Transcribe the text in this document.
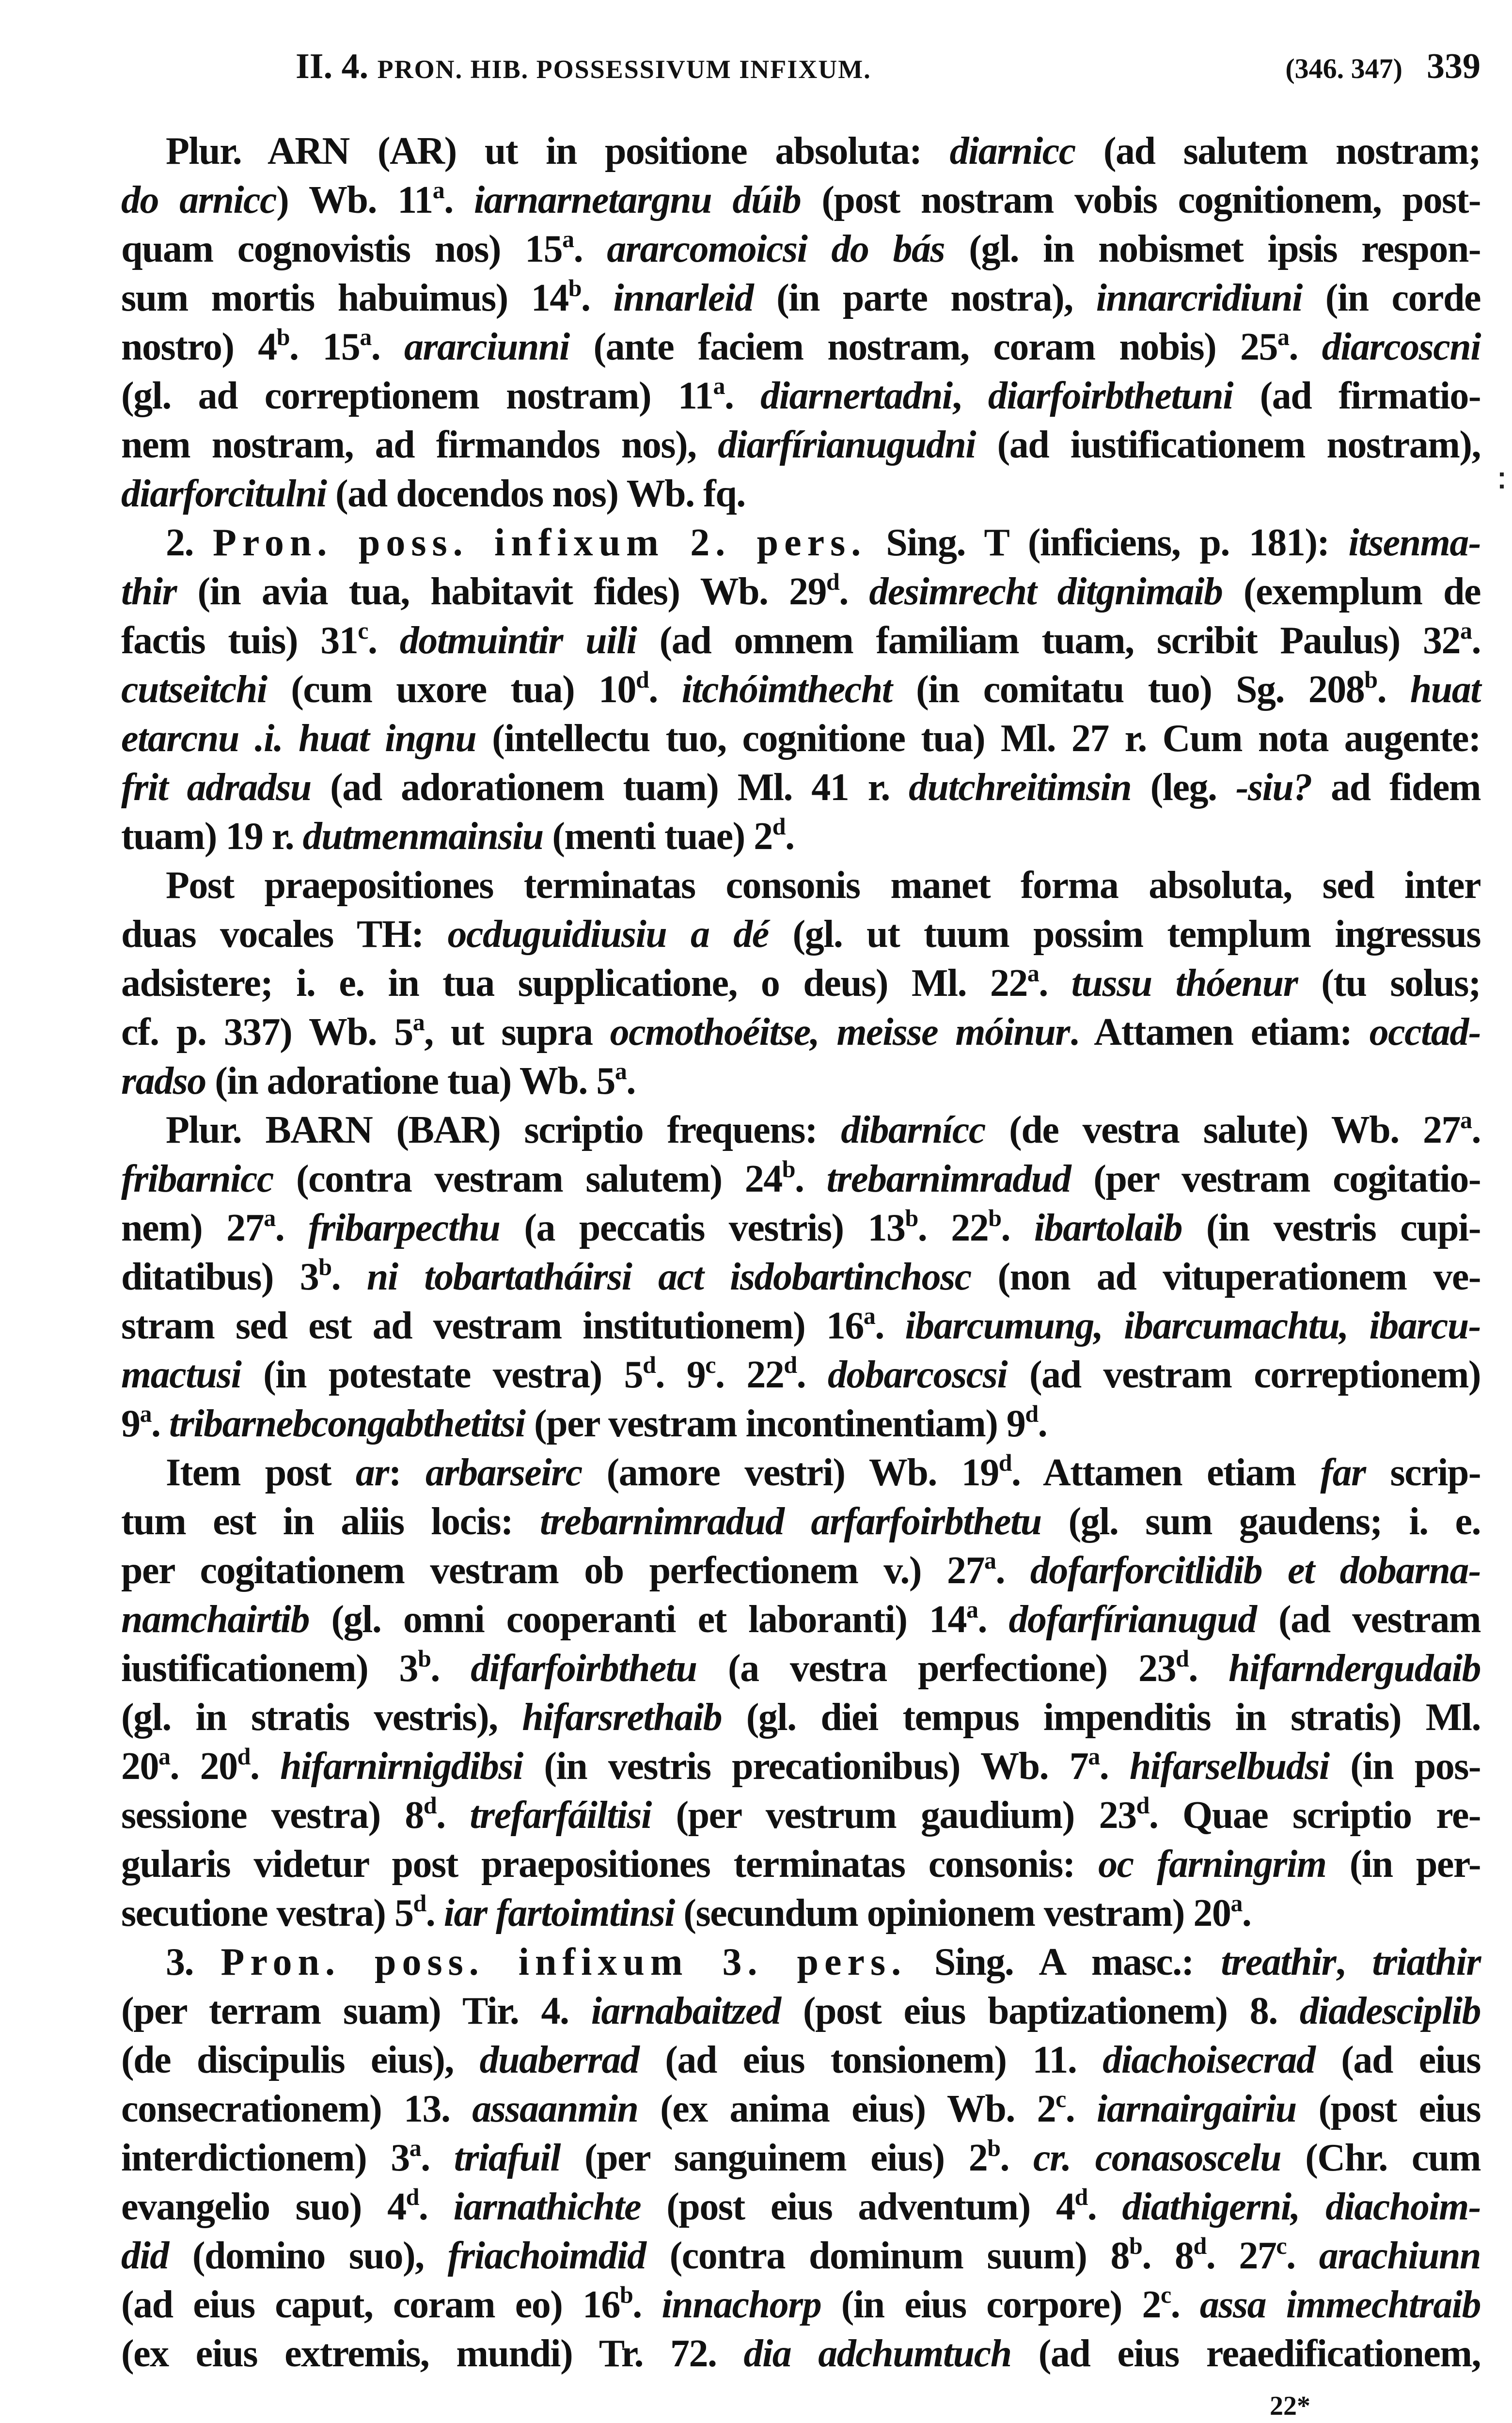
II. 4. PRON. HIB. POSSESSIVUM INFIXUM.	(346. 347) 339
Plur. ARN (AR) ut in positione absoluta: diarnicc (ad salutem nostram;
do arnicc) Wb. 11$^a$. iarnarnetargnu dúib (post nostram vobis cognitionem, post-
quam cognovistis nos) 15$^a$. ararcomoicsi do bás (gl. in nobismet ipsis respon-
sum mortis habuimus) 14$^b$. innarleid (in parte nostra), innarcridiuni (in corde
nostro) 4$^b$. 15$^a$. ararciunni (ante faciem nostram, coram nobis) 25$^a$. diarcoscni
(gl. ad correptionem nostram) 11$^a$. diarnertadni, diarfoirbthetuni (ad firmatio-
nem nostram, ad firmandos nos), diarfírianugudni (ad iustificationem nostram),
diarforcitulni (ad docendos nos) Wb. fq.
2. Pron. poss. infixum 2. pers. Sing. T (inficiens, p. 181): itsenma-
thir (in avia tua, habitavit fides) Wb. 29$^d$. desimrecht ditgnimaib (exemplum de
factis tuis) 31$^c$. dotmuintir uili (ad omnem familiam tuam, scribit Paulus) 32$^a$.
cutseitchi (cum uxore tua) 10$^d$. itchóimthecht (in comitatu tuo) Sg. 208$^b$. huat
etarcnu .i. huat ingnu (intellectu tuo, cognitione tua) Ml. 27 r. Cum nota augente:
frit adradsu (ad adorationem tuam) Ml. 41 r. dutchreitimsin (leg. -siu? ad fidem
tuam) 19 r. dutmenmainsiu (menti tuae) 2$^d$.
Post praepositiones terminatas consonis manet forma absoluta, sed inter
duas vocales TH: ocduguidiusiu a dé (gl. ut tuum possim templum ingressus
adsistere; i. e. in tua supplicatione, o deus) Ml. 22$^a$. tussu thóenur (tu solus;
cf. p. 337) Wb. 5$^a$, ut supra ocmothoéitse, meisse móinur. Attamen etiam: occtad-
radso (in adoratione tua) Wb. 5$^a$.
Plur. BARN (BAR) scriptio frequens: dibarnícc (de vestra salute) Wb. 27$^a$.
fribarnicc (contra vestram salutem) 24$^b$. trebarnimradud (per vestram cogitatio-
nem) 27$^a$. fribarpecthu (a peccatis vestris) 13$^b$. 22$^b$. ibartolaib (in vestris cupi-
ditatibus) 3$^b$. ni tobartatháirsi act isdobartinchosc (non ad vituperationem ve-
stram sed est ad vestram institutionem) 16$^a$. ibarcumung, ibarcumachtu, ibarcu-
mactusi (in potestate vestra) 5$^d$. 9$^c$. 22$^d$. dobarcoscsi (ad vestram correptionem)
9$^a$. tribarnebcongabthetitsi (per vestram incontinentiam) 9$^d$.
Item post ar: arbarseirc (amore vestri) Wb. 19$^d$. Attamen etiam far scrip-
tum est in aliis locis: trebarnimradud arfarfoirbthetu (gl. sum gaudens; i. e.
per cogitationem vestram ob perfectionem v.) 27$^a$. dofarforcitlidib et dobarna-
namchairtib (gl. omni cooperanti et laboranti) 14$^a$. dofarfírianugud (ad vestram
iustificationem) 3$^b$. difarfoirbthetu (a vestra perfectione) 23$^d$. hifarndergudaib
(gl. in stratis vestris), hifarsrethaib (gl. diei tempus impenditis in stratis) Ml.
20$^a$. 20$^d$. hifarnirnigdibsi (in vestris precationibus) Wb. 7$^a$. hifarselbudsi (in pos-
sessione vestra) 8$^d$. trefarfáiltisi (per vestrum gaudium) 23$^d$. Quae scriptio re-
gularis videtur post praepositiones terminatas consonis: oc farningrim (in per-
secutione vestra) 5$^d$. iar fartoimtinsi (secundum opinionem vestram) 20$^a$.
3. Pron. poss. infixum 3. pers. Sing. A masc.: treathir, triathir
(per terram suam) Tir. 4. iarnabaitzed (post eius baptizationem) 8. diadesciplib
(de discipulis eius), duaberrad (ad eius tonsionem) 11. diachoisecrad (ad eius
consecrationem) 13. assaanmin (ex anima eius) Wb. 2$^c$. iarnairgairiu (post eius
interdictionem) 3$^a$. triafuil (per sanguinem eius) 2$^b$. cr. conasoscelu (Chr. cum
evangelio suo) 4$^d$. iarnathichte (post eius adventum) 4$^d$. diathigerni, diachoim-
did (domino suo), friachoimdid (contra dominum suum) 8$^b$. 8$^d$. 27$^c$. arachiunn
(ad eius caput, coram eo) 16$^b$. innachorp (in eius corpore) 2$^c$. assa immechtraib
(ex eius extremis, mundi) Tr. 72. dia adchumtuch (ad eius reaedificationem,
22*
